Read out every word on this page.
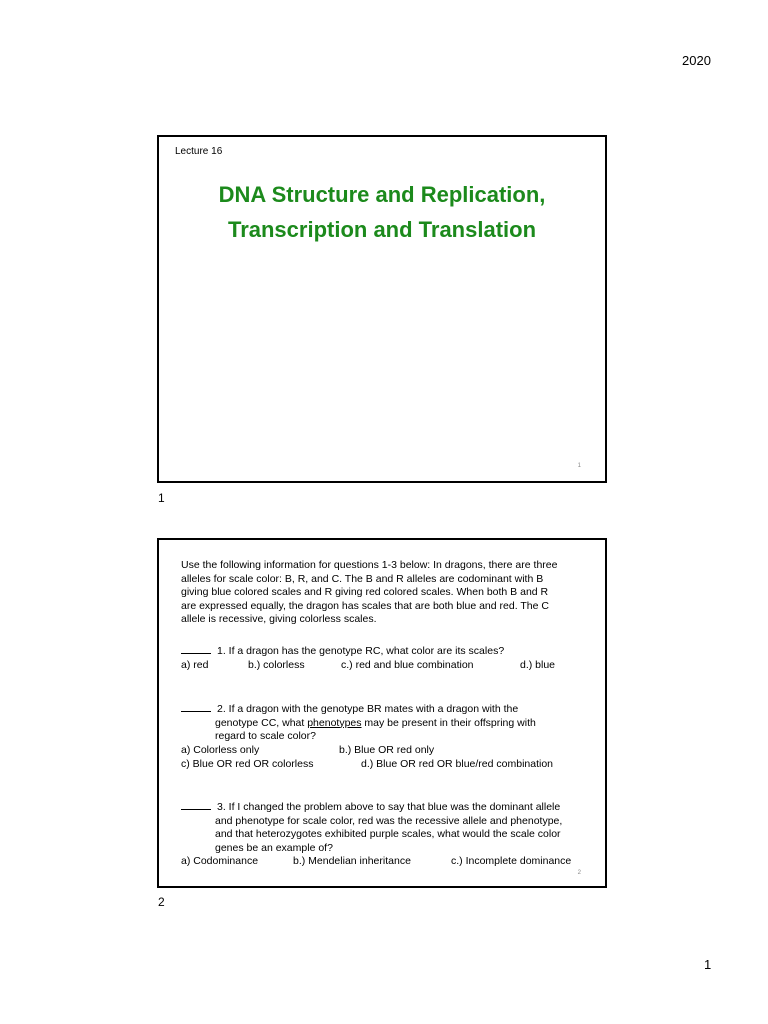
2020
Lecture 16
DNA Structure and Replication,
Transcription and Translation
1
1
Use the following information for questions 1-3 below: In dragons, there are three
alleles for scale color: B, R, and C. The B and R alleles are codominant with B
giving blue colored scales and R giving red colored scales. When both B and R
are expressed equally, the dragon has scales that are both blue and red. The C
allele is recessive, giving colorless scales.
1. If a dragon has the genotype RC, what color are its scales?
a) red	b.) colorless	c.) red and blue combination	d.) blue
2. If a dragon with the genotype BR mates with a dragon with the
genotype CC, what phenotypes may be present in their offspring with
regard to scale color?
a) Colorless only	b.) Blue OR red only
c) Blue OR red OR colorless	d.) Blue OR red OR blue/red combination
3. If I changed the problem above to say that blue was the dominant allele
and phenotype for scale color, red was the recessive allele and phenotype,
and that heterozygotes exhibited purple scales, what would the scale color
genes be an example of?
a) Codominance	b.) Mendelian inheritance	c.) Incomplete dominance
2
2
1
